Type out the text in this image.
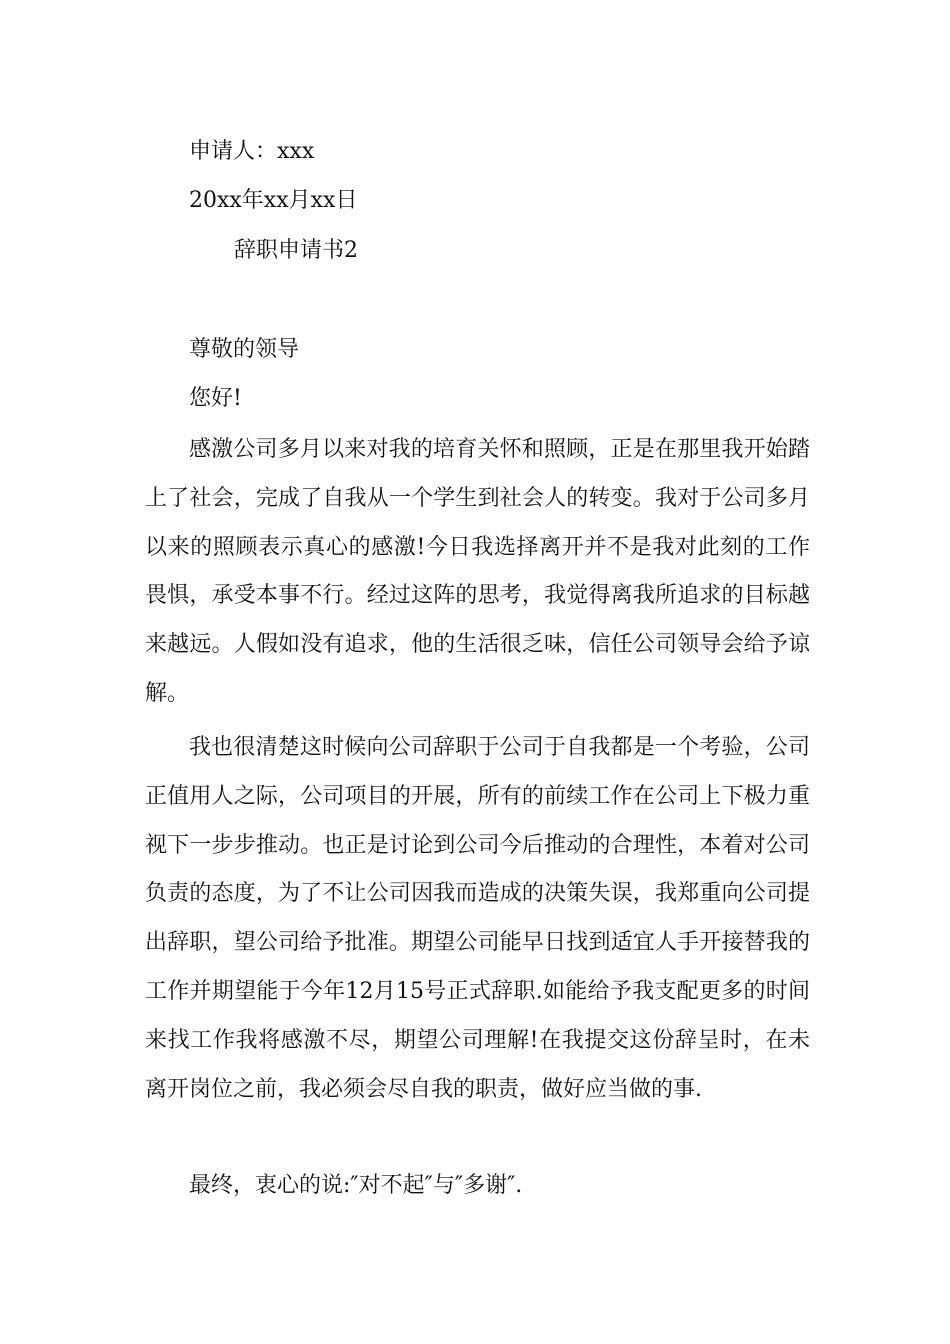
申请人：xxx
20xx年xx月xx日
辞职申请书2
尊敬的领导
您好!

感激公司多月以来对我的培育关怀和照顾，正是在那里我开始踏上了社会，完成了自我从一个学生到社会人的转变。我对于公司多月以来的照顾表示真心的感激!今日我选择离开并不是我对此刻的工作畏惧，承受本事不行。经过这阵的思考，我觉得离我所追求的目标越来越远。人假如没有追求，他的生活很乏味，信任公司领导会给予谅解。

我也很清楚这时候向公司辞职于公司于自我都是一个考验，公司正值用人之际，公司项目的开展，所有的前续工作在公司上下极力重视下一步步推动。也正是讨论到公司今后推动的合理性，本着对公司负责的态度，为了不让公司因我而造成的决策失误，我郑重向公司提出辞职，望公司给予批准。期望公司能早日找到适宜人手开接替我的工作并期望能于今年12月15号正式辞职.如能给予我支配更多的时间来找工作我将感激不尽，期望公司理解!在我提交这份辞呈时，在未离开岗位之前，我必须会尽自我的职责，做好应当做的事.

最终，衷心的说:″对不起″与″多谢″.
